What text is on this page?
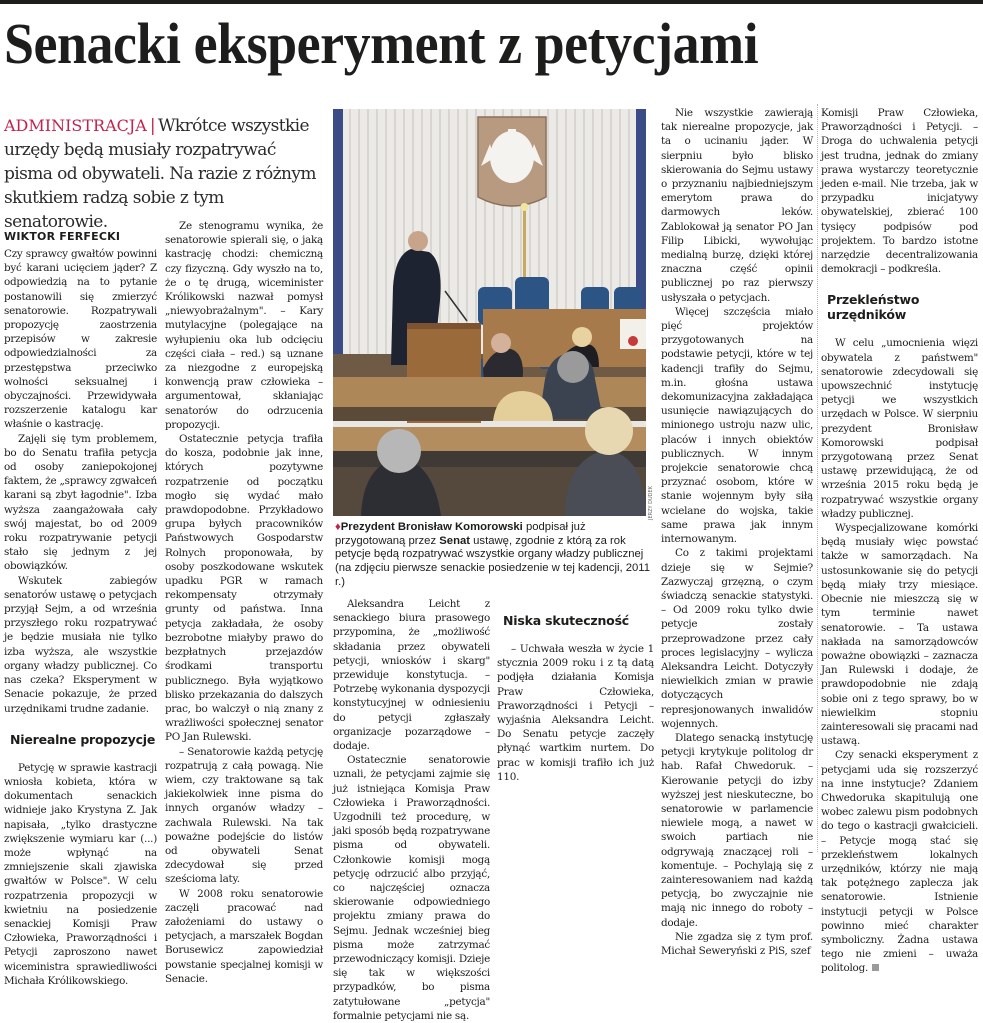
Senacki eksperyment z petycjami

ADMINISTRACJA | Wkrótce wszystkie urzędy będą musiały rozpatrywać pisma od obywateli. Na razie z różnym skutkiem radzą sobie z tym senatorowie.

WIKTOR FERFECKI

Czy sprawcy gwałtów powinni być karani ucięciem jąder? Z odpowiedzią na to pytanie postanowili się zmierzyć senatorowie. Rozpatrywali propozycję zaostrzenia przepisów w zakresie odpowiedzialności za przestępstwa przeciwko wolności seksualnej i obyczajności. Przewidywała rozszerzenie katalogu kar właśnie o kastrację.

Zajęli się tym problemem, bo do Senatu trafiła petycja od osoby zaniepokojonej faktem, że „sprawcy zgwałceń karani są zbyt łagodnie". Izba wyższa zaangażowała cały swój majestat, bo od 2009 roku rozpatrywanie petycji stało się jednym z jej obowiązków.

Wskutek zabiegów senatorów ustawę o petycjach przyjął Sejm, a od września przyszłego roku rozpatrywać je będzie musiała nie tylko izba wyższa, ale wszystkie organy władzy publicznej. Co nas czeka? Eksperyment w Senacie pokazuje, że przed urzędnikami trudne zadanie.

Nierealne propozycje

Petycję w sprawie kastracji wniosła kobieta, która w dokumentach senackich widnieje jako Krystyna Z. Jak napisała, „tylko drastyczne zwiększenie wymiaru kar (...) może wpłynąć na zmniejszenie skali zjawiska gwałtów w Polsce". W celu rozpatrzenia propozycji w kwietniu na posiedzenie senackiej Komisji Praw Człowieka, Praworządności i Petycji zaproszono nawet wiceministra sprawiedliwości Michała Królikowskiego.

Ze stenogramu wynika, że senatorowie spierali się, o jaką kastrację chodzi: chemiczną czy fizyczną. Gdy wyszło na to, że o tę drugą, wiceminister Królikowski nazwał pomysł „niewyobrażalnym". – Kary mutylacyjne (polegające na wyłupieniu oka lub odcięciu części ciała – red.) są uznane za niezgodne z europejską konwencją praw człowieka – argumentował, skłaniając senatorów do odrzucenia propozycji.

Ostatecznie petycja trafiła do kosza, podobnie jak inne, których pozytywne rozpatrzenie od początku mogło się wydać mało prawdopodobne. Przykładowo grupa byłych pracowników Państwowych Gospodarstw Rolnych proponowała, by osoby poszkodowane wskutek upadku PGR w ramach rekompensaty otrzymały grunty od państwa. Inna petycja zakładała, że osoby bezrobotne miałyby prawo do bezpłatnych przejazdów środkami transportu publicznego. Była wyjątkowo blisko przekazania do dalszych prac, bo walczył o nią znany z wrażliwości społecznej senator PO Jan Rulewski.

– Senatorowie każdą petycję rozpatrują z całą powagą. Nie wiem, czy traktowane są tak jakiekolwiek inne pisma do innych organów władzy – zachwala Rulewski. Na tak poważne podejście do listów od obywateli Senat zdecydował się przed sześcioma laty.

W 2008 roku senatorowie zaczęli pracować nad założeniami do ustawy o petycjach, a marszałek Bogdan Borusewicz zapowiedział powstanie specjalnej komisji w Senacie.

Aleksandra Leicht z senackiego biura prasowego przypomina, że „możliwość składania przez obywateli petycji, wniosków i skarg" przewiduje konstytucja. – Potrzebę wykonania dyspozycji konstytucyjnej w odniesieniu do petycji zgłaszały organizacje pozarządowe – dodaje.

Ostatecznie senatorowie uznali, że petycjami zajmie się już istniejąca Komisja Praw Człowieka i Praworządności. Uzgodnili też procedurę, w jaki sposób będą rozpatrywane pisma od obywateli. Członkowie komisji mogą petycję odrzucić albo przyjąć, co najczęściej oznacza skierowanie odpowiedniego projektu zmiany prawa do Sejmu. Jednak wcześniej bieg pisma może zatrzymać przewodniczący komisji. Dzieje się tak w większości przypadków, bo pisma zatytułowane „petycja" formalnie petycjami nie są.

Niska skuteczność

– Uchwała weszła w życie 1 stycznia 2009 roku i z tą datą podjęła działania Komisja Praw Człowieka, Praworządności i Petycji – wyjaśnia Aleksandra Leicht. Do Senatu petycje zaczęły płynąć wartkim nurtem. Do prac w komisji trafiło ich już 110.

Nie wszystkie zawierają tak nierealne propozycje, jak ta o ucinaniu jąder. W sierpniu było blisko skierowania do Sejmu ustawy o przyznaniu najbiedniejszym emerytom prawa do darmowych leków. Zablokował ją senator PO Jan Filip Libicki, wywołując medialną burzę, dzięki której znaczna część opinii publicznej po raz pierwszy usłyszała o petycjach.

Więcej szczęścia miało pięć projektów przygotowanych na podstawie petycji, które w tej kadencji trafiły do Sejmu, m.in. głośna ustawa dekomunizacyjna zakładająca usunięcie nawiązujących do minionego ustroju nazw ulic, placów i innych obiektów publicznych. W innym projekcie senatorowie chcą przyznać osobom, które w stanie wojennym były siłą wcielane do wojska, takie same prawa jak innym internowanym.

Co z takimi projektami dzieje się w Sejmie? Zazwyczaj grzęzną, o czym świadczą senackie statystyki. – Od 2009 roku tylko dwie petycje zostały przeprowadzone przez cały proces legislacyjny – wylicza Aleksandra Leicht. Dotyczyły niewielkich zmian w prawie dotyczących represjonowanych inwalidów wojennych.

Dlatego senacką instytucję petycji krytykuje politolog dr hab. Rafał Chwedoruk. – Kierowanie petycji do izby wyższej jest nieskuteczne, bo senatorowie w parlamencie niewiele mogą, a nawet w swoich partiach nie odgrywają znaczącej roli – komentuje. – Pochylają się z zainteresowaniem nad każdą petycją, bo zwyczajnie nie mają nic innego do roboty – dodaje.

Nie zgadza się z tym prof. Michał Seweryński z PiS, szef

Komisji Praw Człowieka, Praworządności i Petycji. – Droga do uchwalenia petycji jest trudna, jednak do zmiany prawa wystarczy teoretycznie jeden e-mail. Nie trzeba, jak w przypadku inicjatywy obywatelskiej, zbierać 100 tysięcy podpisów pod projektem. To bardzo istotne narzędzie decentralizowania demokracji – podkreśla.

Przekleństwo urzędników

W celu „umocnienia więzi obywatela z państwem" senatorowie zdecydowali się upowszechnić instytucję petycji we wszystkich urzędach w Polsce. W sierpniu prezydent Bronisław Komorowski podpisał przygotowaną przez Senat ustawę przewidującą, że od września 2015 roku będą je rozpatrywać wszystkie organy władzy publicznej.

Wyspecjalizowane komórki będą musiały więc powstać także w samorządach. Na ustosunkowanie się do petycji będą miały trzy miesiące. Obecnie nie mieszczą się w tym terminie nawet senatorowie. – Ta ustawa nakłada na samorządowców poważne obowiązki – zaznacza Jan Rulewski i dodaje, że prawdopodobnie nie zdają sobie oni z tego sprawy, bo w niewielkim stopniu zainteresowali się pracami nad ustawą.

Czy senacki eksperyment z petycjami uda się rozszerzyć na inne instytucje? Zdaniem Chwedoruka skapitulują one wobec zalewu pism podobnych do tego o kastracji gwałcicieli. – Petycje mogą stać się przekleństwem lokalnych urzędników, którzy nie mają tak potężnego zaplecza jak senatorowie. Istnienie instytucji petycji w Polsce powinno mieć charakter symboliczny. Żadna ustawa tego nie zmieni – uważa politolog.

JERZY DUDEK

♦Prezydent Bronisław Komorowski podpisał już przygotowaną przez Senat ustawę, zgodnie z którą za rok petycje będą rozpatrywać wszystkie organy władzy publicznej (na zdjęciu pierwsze senackie posiedzenie w tej kadencji, 2011 r.)
